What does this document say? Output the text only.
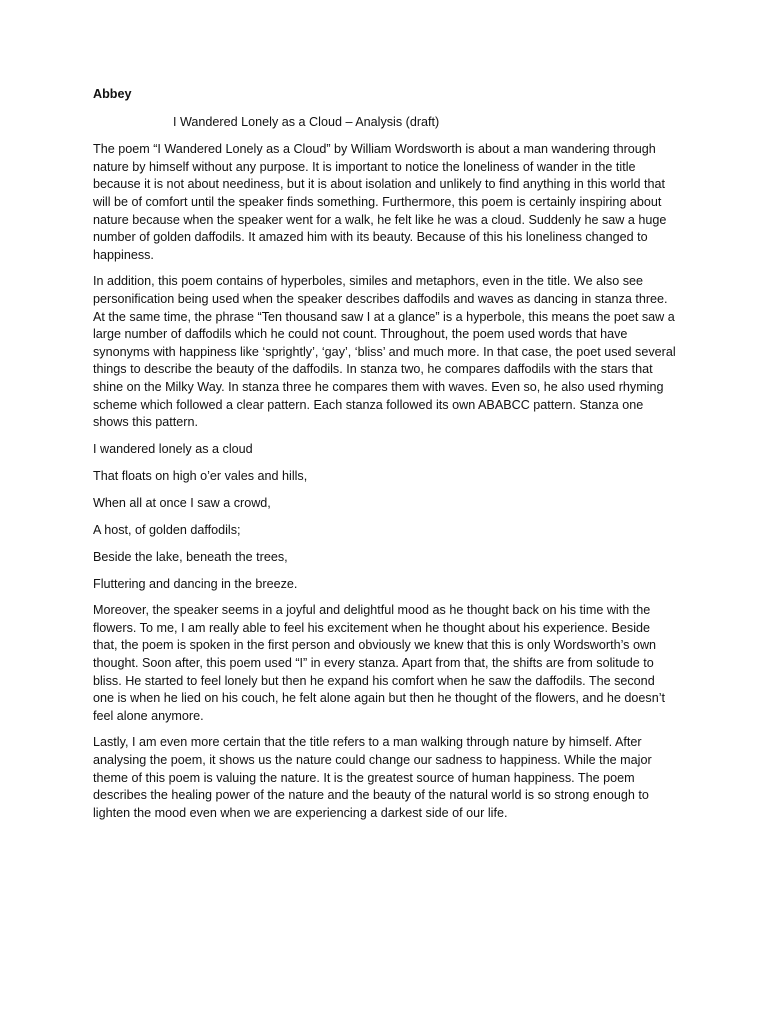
Abbey

I Wandered Lonely as a Cloud – Analysis (draft)

The poem “I Wandered Lonely as a Cloud” by William Wordsworth is about a man wandering through nature by himself without any purpose. It is important to notice the loneliness of wander in the title because it is not about neediness, but it is about isolation and unlikely to find anything in this world that will be of comfort until the speaker finds something. Furthermore, this poem is certainly inspiring about nature because when the speaker went for a walk, he felt like he was a cloud. Suddenly he saw a huge number of golden daffodils. It amazed him with its beauty. Because of this his loneliness changed to happiness.

In addition, this poem contains of hyperboles, similes and metaphors, even in the title. We also see personification being used when the speaker describes daffodils and waves as dancing in stanza three. At the same time, the phrase “Ten thousand saw I at a glance” is a hyperbole, this means the poet saw a large number of daffodils which he could not count. Throughout, the poem used words that have synonyms with happiness like ‘sprightly’, ‘gay’, ‘bliss’ and much more. In that case, the poet used several things to describe the beauty of the daffodils. In stanza two, he compares daffodils with the stars that shine on the Milky Way. In stanza three he compares them with waves. Even so, he also used rhyming scheme which followed a clear pattern. Each stanza followed its own ABABCC pattern. Stanza one shows this pattern.

I wandered lonely as a cloud
That floats on high o’er vales and hills,
When all at once I saw a crowd,
A host, of golden daffodils;
Beside the lake, beneath the trees,
Fluttering and dancing in the breeze.

Moreover, the speaker seems in a joyful and delightful mood as he thought back on his time with the flowers. To me, I am really able to feel his excitement when he thought about his experience. Beside that, the poem is spoken in the first person and obviously we knew that this is only Wordsworth’s own thought. Soon after, this poem used “I” in every stanza. Apart from that, the shifts are from solitude to bliss. He started to feel lonely but then he expand his comfort when he saw the daffodils. The second one is when he lied on his couch, he felt alone again but then he thought of the flowers, and he doesn’t feel alone anymore.

Lastly, I am even more certain that the title refers to a man walking through nature by himself. After analysing the poem, it shows us the nature could change our sadness to happiness. While the major theme of this poem is valuing the nature. It is the greatest source of human happiness. The poem describes the healing power of the nature and the beauty of the natural world is so strong enough to lighten the mood even when we are experiencing a darkest side of our life.
